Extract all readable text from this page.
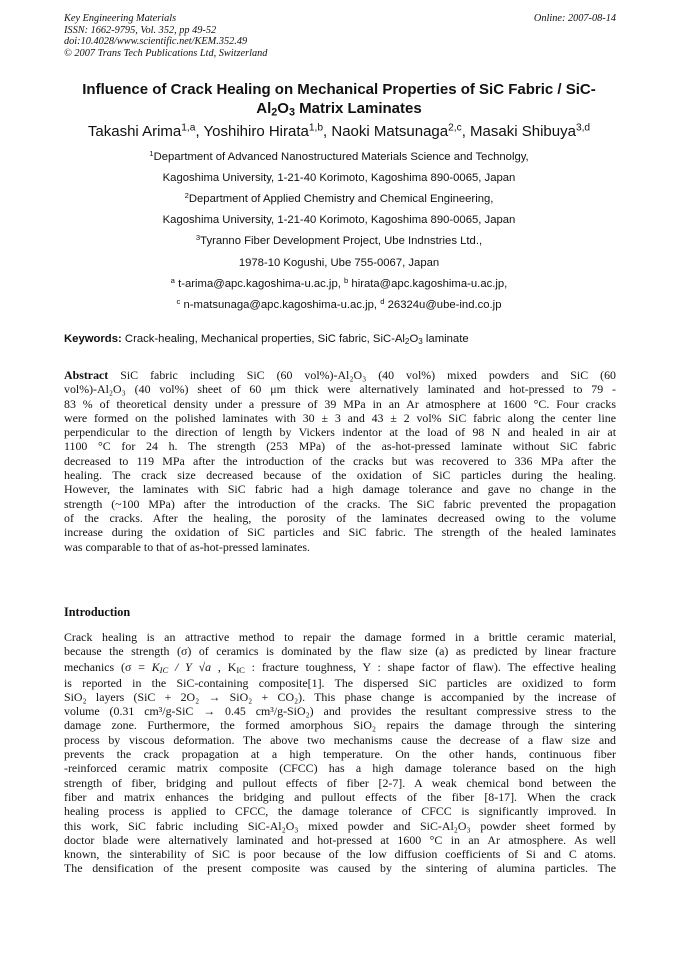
Key Engineering Materials
ISSN: 1662-9795, Vol. 352, pp 49-52
doi:10.4028/www.scientific.net/KEM.352.49
© 2007 Trans Tech Publications Ltd, Switzerland
Online: 2007-08-14
Influence of Crack Healing on Mechanical Properties of SiC Fabric / SiC-
$Al_2O_3$ Matrix Laminates
Takashi Arima$^{1,a}$, Yoshihiro Hirata$^{1,b}$, Naoki Matsunaga$^{2,c}$, Masaki Shibuya$^{3,d}$
$^1$Department of Advanced Nanostructured Materials Science and Technolgy,
Kagoshima University, 1-21-40 Korimoto, Kagoshima 890-0065, Japan
$^2$Department of Applied Chemistry and Chemical Engineering,
Kagoshima University, 1-21-40 Korimoto, Kagoshima 890-0065, Japan
$^3$Tyranno Fiber Development Project, Ube Indnstries Ltd.,
1978-10 Kogushi, Ube 755-0067, Japan
$^a$ t-arima@apc.kagoshima-u.ac.jp, $^b$ hirata@apc.kagoshima-u.ac.jp,
$^c$ n-matsunaga@apc.kagoshima-u.ac.jp, $^d$ 26324u@ube-ind.co.jp
Keywords: Crack-healing, Mechanical properties, SiC fabric, SiC-$Al_2O_3$ laminate
Abstract SiC fabric including SiC (60 vol%)-Al₂O₃ (40 vol%) mixed powders and SiC (60
vol%)-Al₂O₃ (40 vol%) sheet of 60 μm thick were alternatively laminated and hot-pressed to 79 -
83 % of theoretical density under a pressure of 39 MPa in an Ar atmosphere at 1600 °C. Four cracks
were formed on the polished laminates with 30 ± 3 and 43 ± 2 vol% SiC fabric along the center line
perpendicular to the direction of length by Vickers indentor at the load of 98 N and healed in air at
1100 °C for 24 h. The strength (253 MPa) of the as-hot-pressed laminate without SiC fabric
decreased to 119 MPa after the introduction of the cracks but was recovered to 336 MPa after the
healing. The crack size decreased because of the oxidation of SiC particles during the healing.
However, the laminates with SiC fabric had a high damage tolerance and gave no change in the
strength (~100 MPa) after the introduction of the cracks. The SiC fabric prevented the propagation
of the cracks. After the healing, the porosity of the laminates decreased owing to the volume
increase during the oxidation of SiC particles and SiC fabric. The strength of the healed laminates
was comparable to that of as-hot-pressed laminates.
Introduction
Crack healing is an attractive method to repair the damage formed in a brittle ceramic material,
because the strength (σ) of ceramics is dominated by the flaw size (a) as predicted by linear fracture
mechanics ($\sigma = K_{IC} / Y$ √a , $K_{IC}$ : fracture toughness, Y : shape factor of flaw). The effective healing
is reported in the SiC-containing composite[1]. The dispersed SiC particles are oxidized to form
SiO₂ layers (SiC + 2O₂ → SiO₂ + CO₂). This phase change is accompanied by the increase of
volume (0.31 cm³/g-SiC → 0.45 cm³/g-SiO₂) and provides the resultant compressive stress to the
damage zone. Furthermore, the formed amorphous SiO₂ repairs the damage through the sintering
process by viscous deformation. The above two mechanisms cause the decrease of a flaw size and
prevents the crack propagation at a high temperature. On the other hands, continuous fiber
-reinforced ceramic matrix composite (CFCC) has a high damage tolerance based on the high
strength of fiber, bridging and pullout effects of fiber [2-7]. A weak chemical bond between the
fiber and matrix enhances the bridging and pullout effects of the fiber [8-17]. When the crack
healing process is applied to CFCC, the damage tolerance of CFCC is significantly improved. In
this work, SiC fabric including SiC-Al₂O₃ mixed powder and SiC-Al₂O₃ powder sheet formed by
doctor blade were alternatively laminated and hot-pressed at 1600 °C in an Ar atmosphere. As well
known, the sinterability of SiC is poor because of the low diffusion coefficients of Si and C atoms.
The densification of the present composite was caused by the sintering of alumina particles. The
